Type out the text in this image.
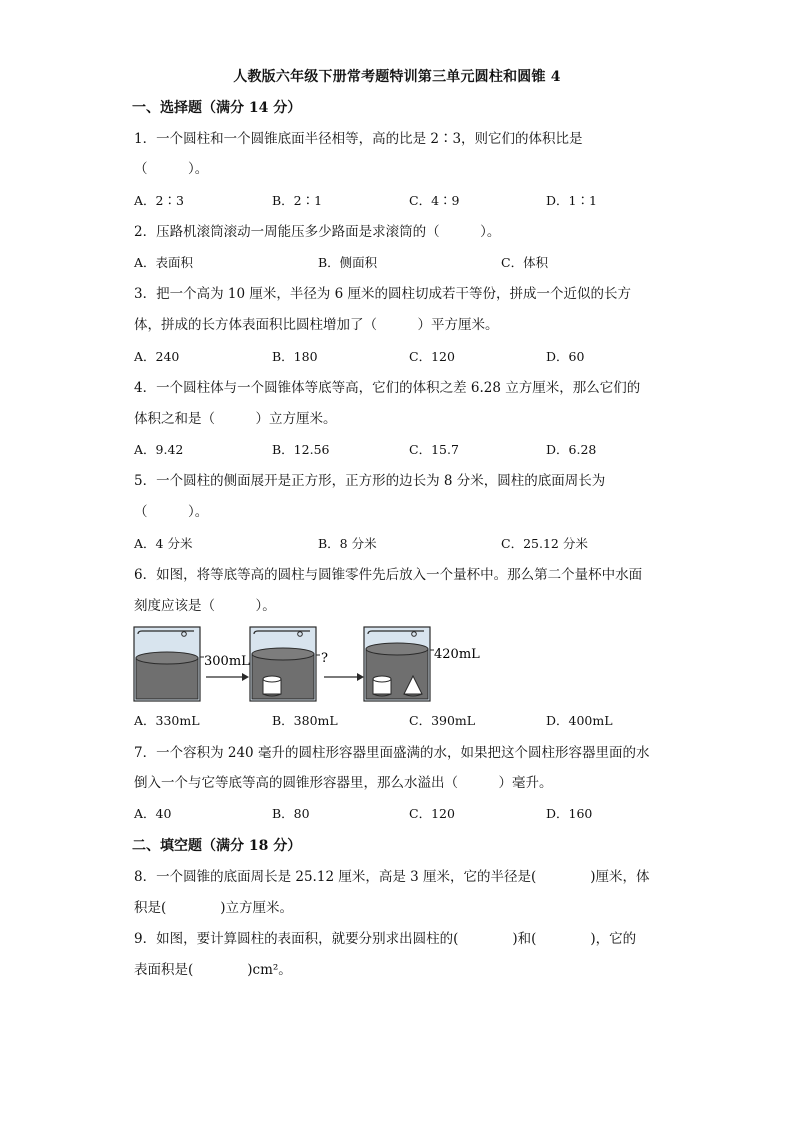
人教版六年级下册常考题特训第三单元圆柱和圆锥 4
一、选择题（满分 14 分）
1．一个圆柱和一个圆锥底面半径相等，高的比是 2∶3，则它们的体积比是
（　　　）。
A．2∶3	B．2∶1	C．4∶9	D．1∶1
2．压路机滚筒滚动一周能压多少路面是求滚筒的（　　　）。
A．表面积	B．侧面积	C．体积
3．把一个高为 10 厘米，半径为 6 厘米的圆柱切成若干等份，拼成一个近似的长方
体，拼成的长方体表面积比圆柱增加了（　　　）平方厘米。
A．240	B．180	C．120	D．60
4．一个圆柱体与一个圆锥体等底等高，它们的体积之差 6.28 立方厘米，那么它们的
体积之和是（　　　）立方厘米。
A．9.42	B．12.56	C．15.7	D．6.28
5．一个圆柱的侧面展开是正方形，正方形的边长为 8 分米，圆柱的底面周长为
（　　　）。
A．4 分米	B．8 分米	C．25.12 分米
6．如图，将等底等高的圆柱与圆锥零件先后放入一个量杯中。那么第二个量杯中水面
刻度应该是（　　　）。
300mL	?	420mL
A．330mL	B．380mL	C．390mL	D．400mL
7．一个容积为 240 毫升的圆柱形容器里面盛满的水，如果把这个圆柱形容器里面的水
倒入一个与它等底等高的圆锥形容器里，那么水溢出（　　　）毫升。
A．40	B．80	C．120	D．160
二、填空题（满分 18 分）
8．一个圆锥的底面周长是 25.12 厘米，高是 3 厘米，它的半径是(　　　　)厘米，体
积是(　　　　)立方厘米。
9．如图，要计算圆柱的表面积，就要分别求出圆柱的(　　　　)和(　　　　)，它的
表面积是(　　　　)cm²。
